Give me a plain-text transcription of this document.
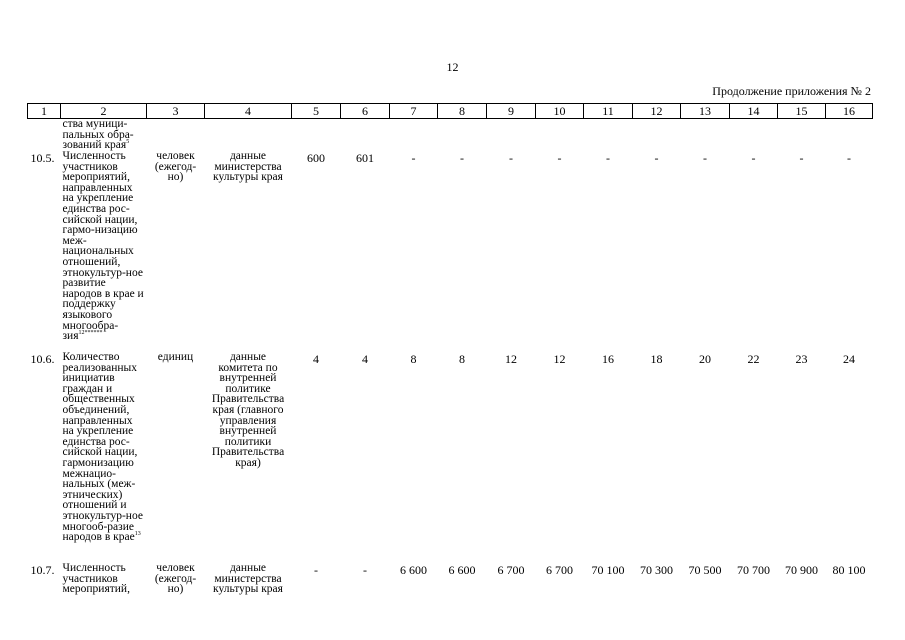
12
Продолжение приложения № 2
1	2	3	4	5	6	7	8	9	10	11	12	13	14	15	16
	ства муници-пальных обра-зований края$^5$														
10.5.	Численность участников мероприятий, направленных на укрепление единства рос-сийской нации, гармо-низацию меж-национальных отношений, этнокультур-ное развитие народов в крае и поддержку языкового многообра-зия$^{12******}$	человек (ежегод-но)	данные министерства культуры края	600	601	-	-	-	-	-	-	-	-	-	-
10.6.	Количество реализованных инициатив граждан и общественных объединений, направленных на укрепление единства рос-сийской нации, гармонизацию межнацио-нальных (меж-этнических) отношений и этнокультур-ное многооб-разие народов в крае$^{13}$	единиц	данные комитета по внутренней политике Правительства края (главного управления внутренней политики Правительства края)	4	4	8	8	12	12	16	18	20	22	23	24
10.7.	Численность участников мероприятий,	человек (ежегод-но)	данные министерства культуры края	-	-	6 600	6 600	6 700	6 700	70 100	70 300	70 500	70 700	70 900	80 100
